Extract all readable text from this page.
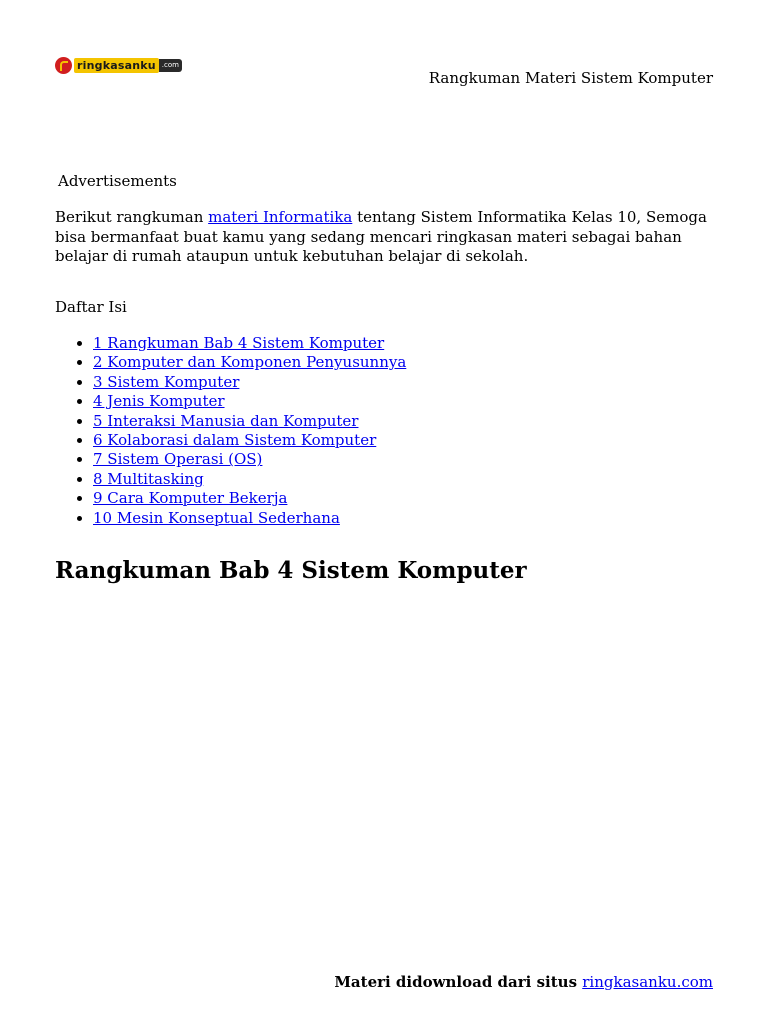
ringkasanku .com
Rangkuman Materi Sistem Komputer
Advertisements

Berikut rangkuman materi Informatika tentang Sistem Informatika Kelas 10, Semoga bisa bermanfaat buat kamu yang sedang mencari ringkasan materi sebagai bahan belajar di rumah ataupun untuk kebutuhan belajar di sekolah.

Daftar Isi
• 1 Rangkuman Bab 4 Sistem Komputer
• 2 Komputer dan Komponen Penyusunnya
• 3 Sistem Komputer
• 4 Jenis Komputer
• 5 Interaksi Manusia dan Komputer
• 6 Kolaborasi dalam Sistem Komputer
• 7 Sistem Operasi (OS)
• 8 Multitasking
• 9 Cara Komputer Bekerja
• 10 Mesin Konseptual Sederhana
Rangkuman Bab 4 Sistem Komputer
Materi didownload dari situs ringkasanku.com
